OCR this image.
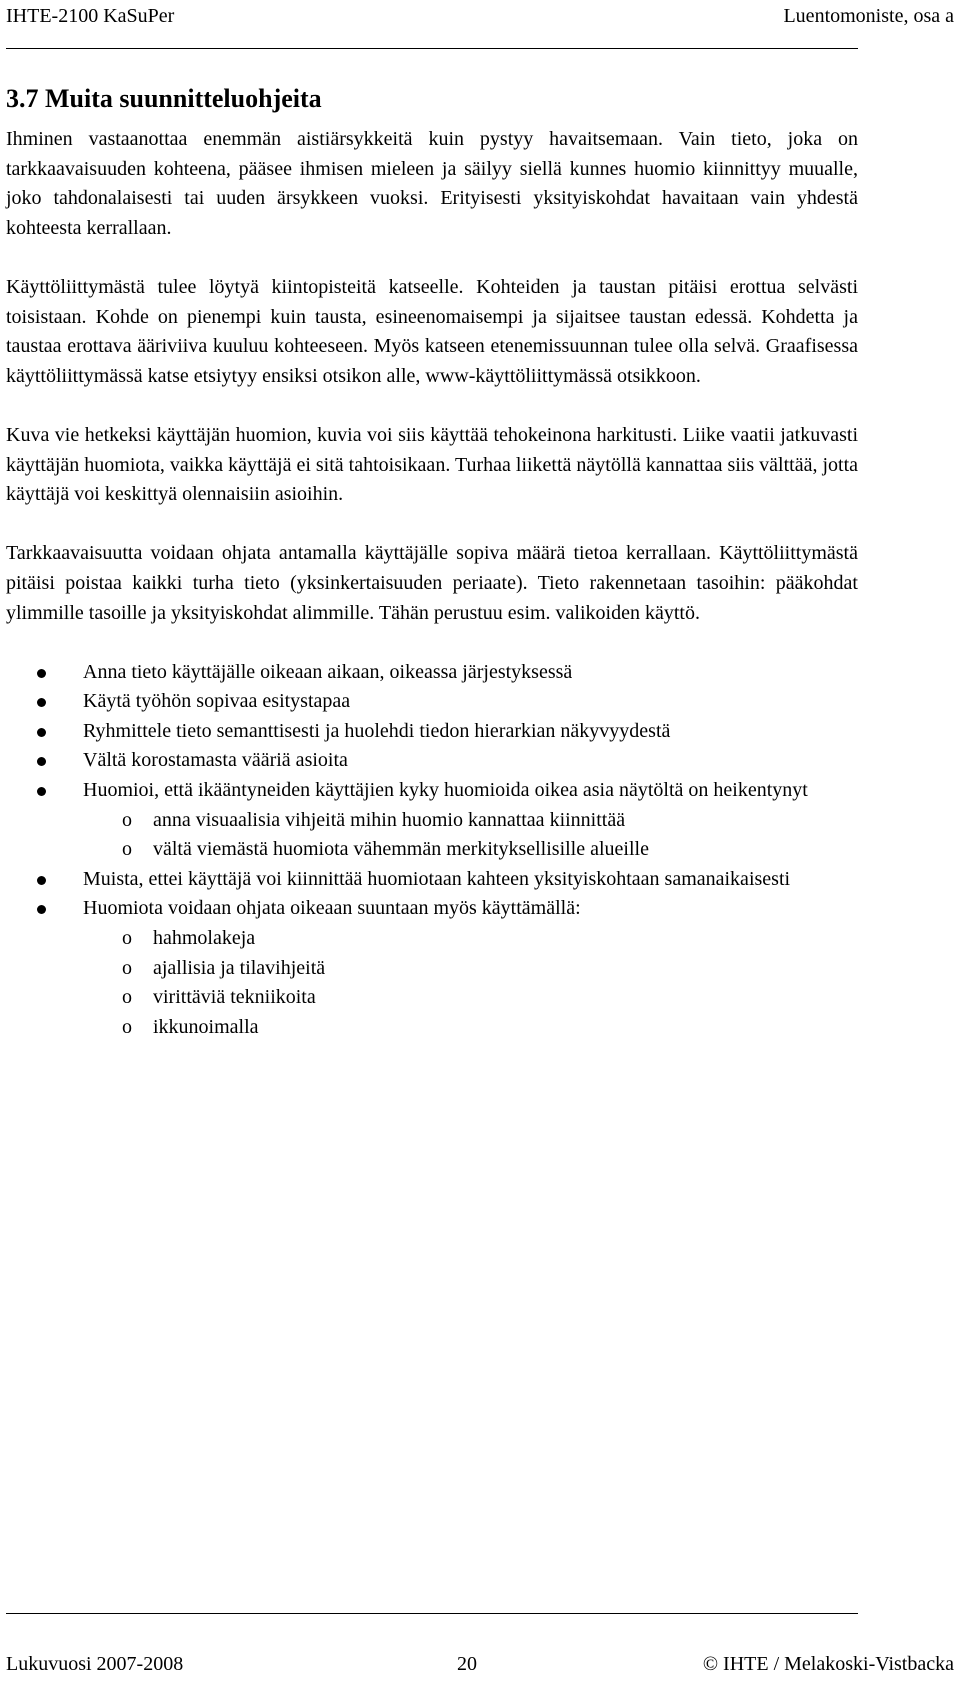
IHTE-2100 KaSuPer	Luentomoniste, osa a
3.7 Muita suunnitteluohjeita

Ihminen vastaanottaa enemmän aistiärsykkeitä kuin pystyy havaitsemaan. Vain tieto, joka on tarkkaavaisuuden kohteena, pääsee ihmisen mieleen ja säilyy siellä kunnes huomio kiinnittyy muualle, joko tahdonalaisesti tai uuden ärsykkeen vuoksi. Erityisesti yksityiskohdat havaitaan vain yhdestä kohteesta kerrallaan.

Käyttöliittymästä tulee löytyä kiintopisteitä katseelle. Kohteiden ja taustan pitäisi erottua selvästi toisistaan. Kohde on pienempi kuin tausta, esineenomaisempi ja sijaitsee taustan edessä. Kohdetta ja taustaa erottava ääriviiva kuuluu kohteeseen. Myös katseen etenemissuunnan tulee olla selvä. Graafisessa käyttöliittymässä katse etsiytyy ensiksi otsikon alle, www-käyttöliittymässä otsikkoon.

Kuva vie hetkeksi käyttäjän huomion, kuvia voi siis käyttää tehokeinona harkitusti. Liike vaatii jatkuvasti käyttäjän huomiota, vaikka käyttäjä ei sitä tahtoisikaan. Turhaa liikettä näytöllä kannattaa siis välttää, jotta käyttäjä voi keskittyä olennaisiin asioihin.

Tarkkaavaisuutta voidaan ohjata antamalla käyttäjälle sopiva määrä tietoa kerrallaan. Käyttöliittymästä pitäisi poistaa kaikki turha tieto (yksinkertaisuuden periaate). Tieto rakennetaan tasoihin: pääkohdat ylimmille tasoille ja yksityiskohdat alimmille. Tähän perustuu esim. valikoiden käyttö.

Anna tieto käyttäjälle oikeaan aikaan, oikeassa järjestyksessä
Käytä työhön sopivaa esitystapaa
Ryhmittele tieto semanttisesti ja huolehdi tiedon hierarkian näkyvyydestä
Vältä korostamasta vääriä asioita
Huomioi, että ikääntyneiden käyttäjien kyky huomioida oikea asia näytöltä on heikentynyt
o anna visuaalisia vihjeitä mihin huomio kannattaa kiinnittää
o vältä viemästä huomiota vähemmän merkityksellisille alueille
Muista, ettei käyttäjä voi kiinnittää huomiotaan kahteen yksityiskohtaan samanaikaisesti
Huomiota voidaan ohjata oikeaan suuntaan myös käyttämällä:
o hahmolakeja
o ajallisia ja tilavihjeitä
o virittäviä tekniikoita
o ikkunoimalla
Lukuvuosi 2007-2008	20	© IHTE / Melakoski-Vistbacka
